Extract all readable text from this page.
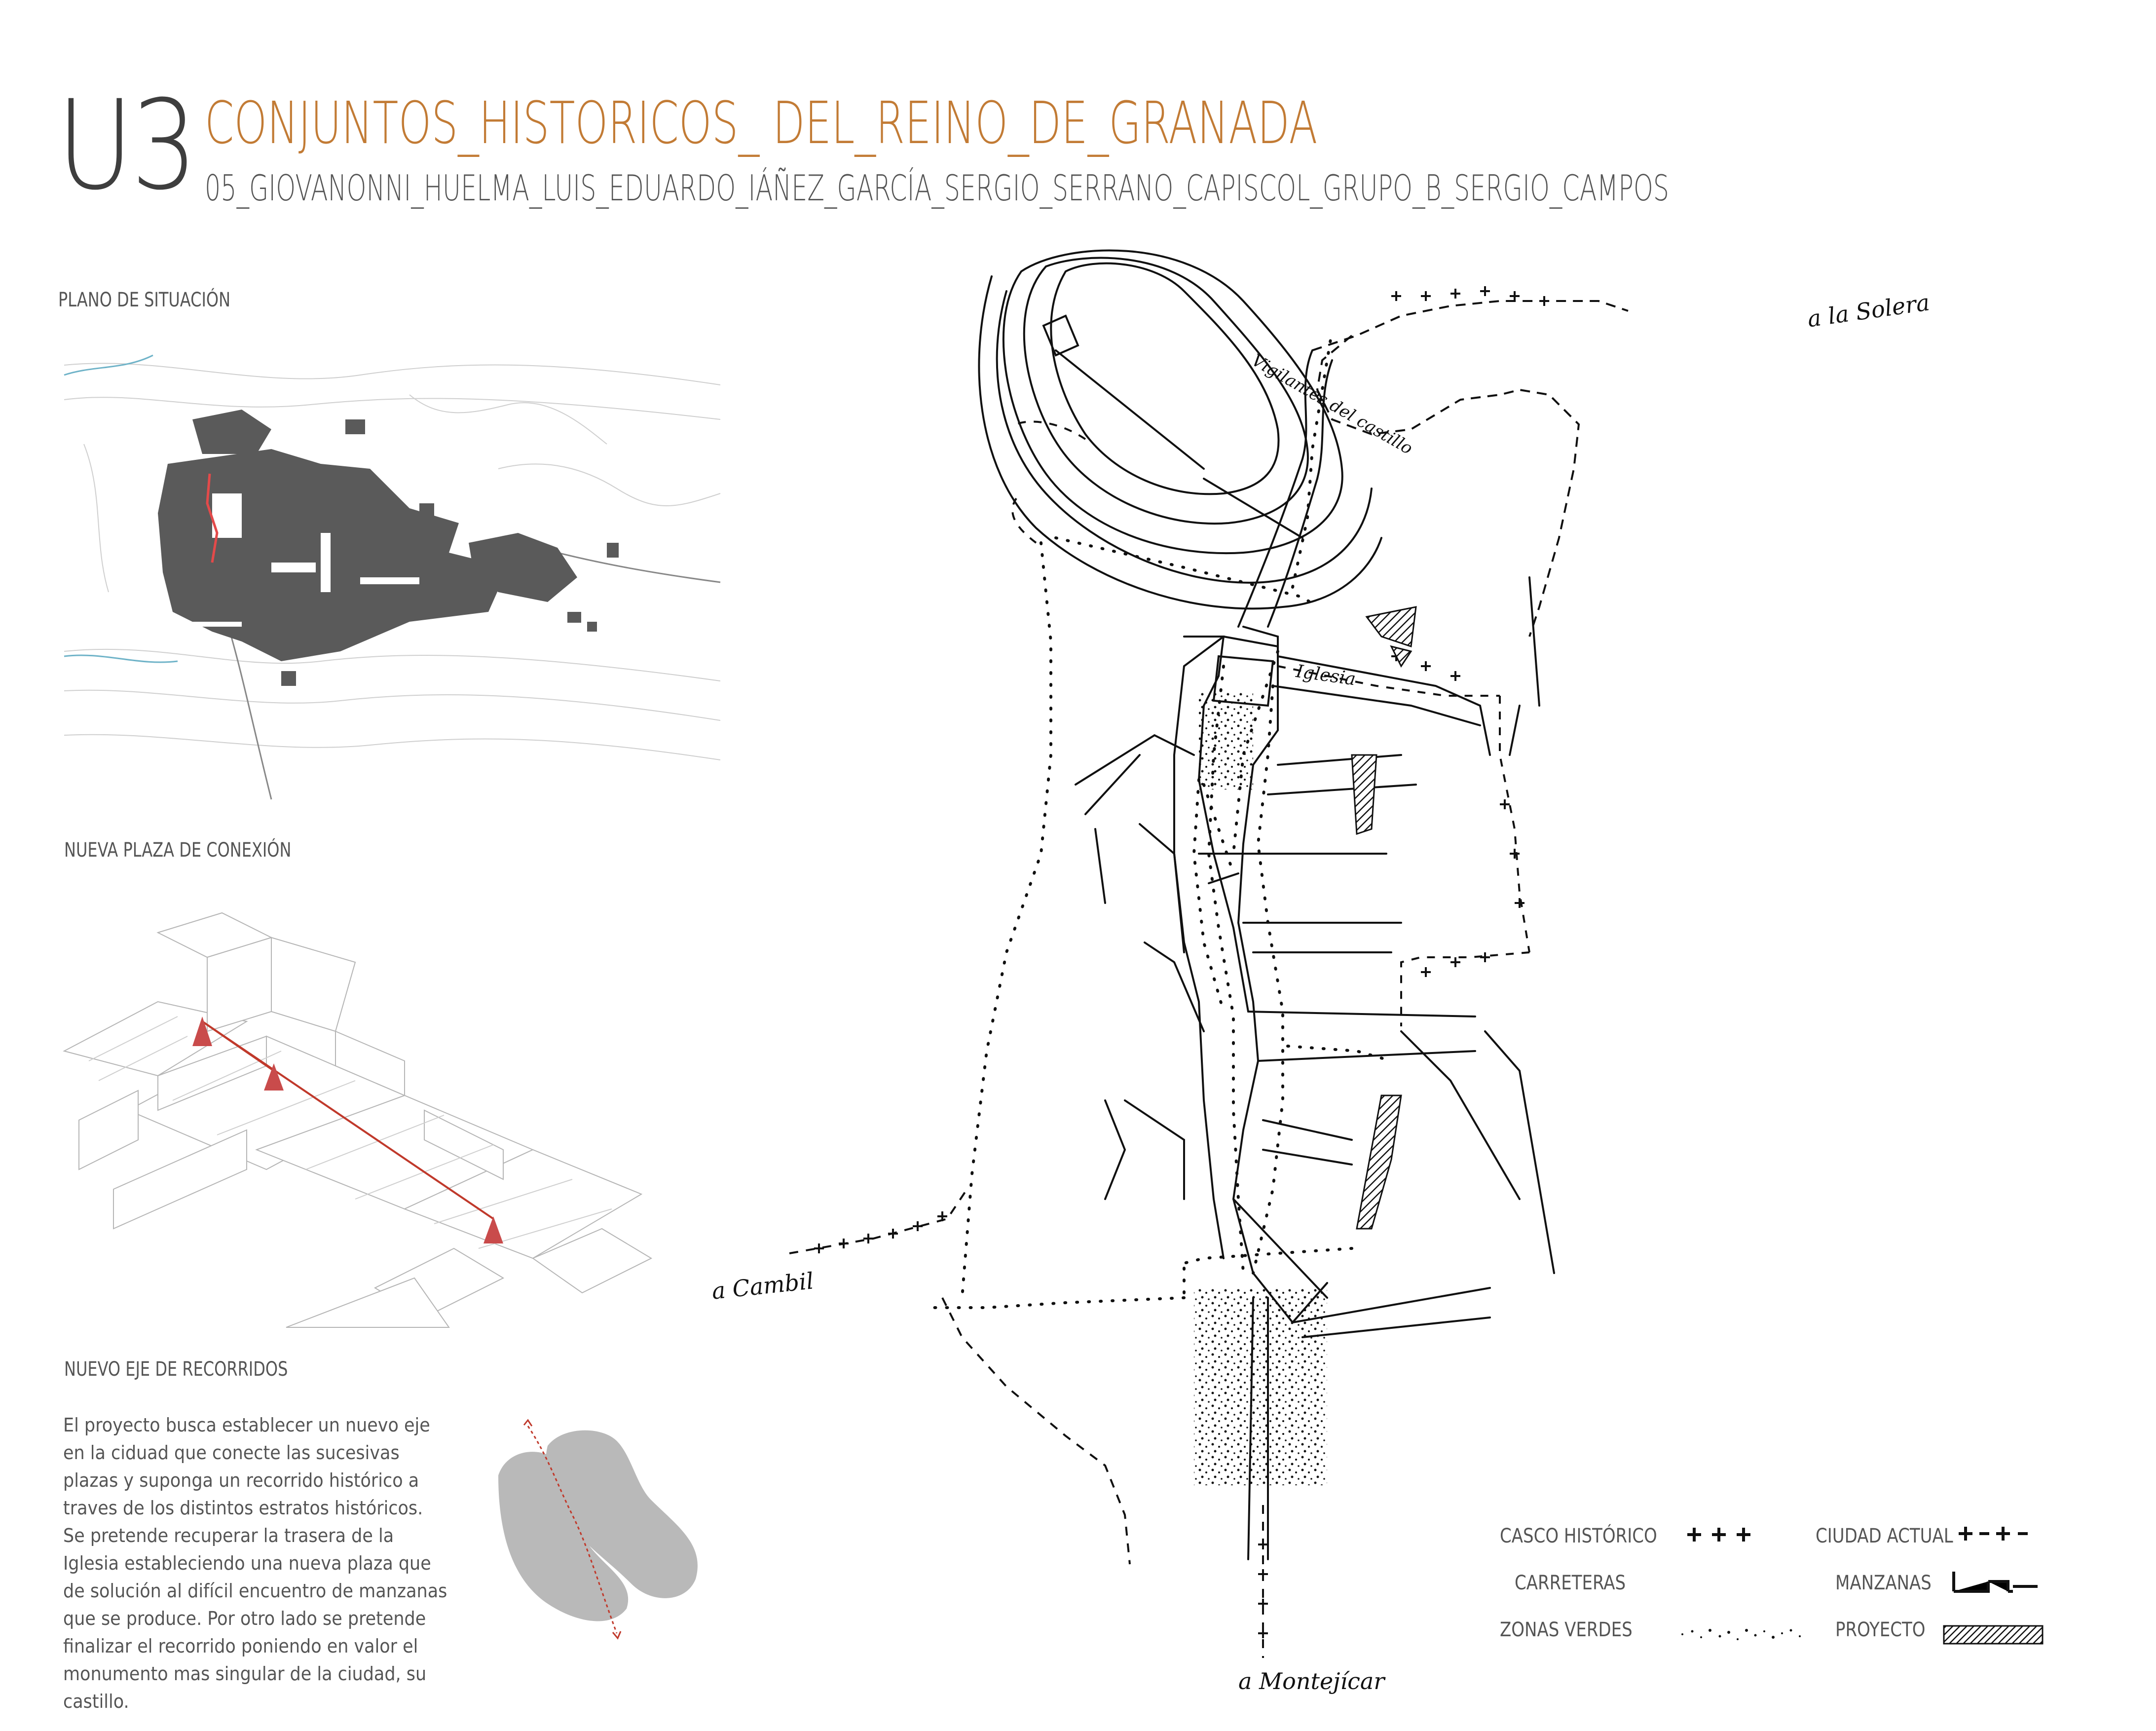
U3 CONJUNTOS_HISTORICOS_ DEL_REINO_DE_GRANADA
05_GIOVANONNI_HUELMA_LUIS_EDUARDO_IÁÑEZ_GARCÍA_SERGIO_SERRANO_CAPISCOL_GRUPO_B_SERGIO_CAMPOS
PLANO DE SITUACIÓN
NUEVA PLAZA DE CONEXIÓN
NUEVO EJE DE RECORRIDOS
El proyecto busca establecer un nuevo eje en la ciduad que conecte las sucesivas plazas y suponga un recorrido histórico a traves de los distintos estratos históricos. Se pretende recuperar la trasera de la Iglesia estableciendo una nueva plaza que de solución al difícil encuentro de manzanas que se produce. Por otro lado se pretende finalizar el recorrido poniendo en valor el monumento mas singular de la ciudad, su castillo.
a la Solera
a Cambil
a Montejícar
Iglesia
Vigilantes del castillo
CASCO HISTÓRICO
CARRETERAS
ZONAS VERDES
CIUDAD ACTUAL
MANZANAS
PROYECTO
